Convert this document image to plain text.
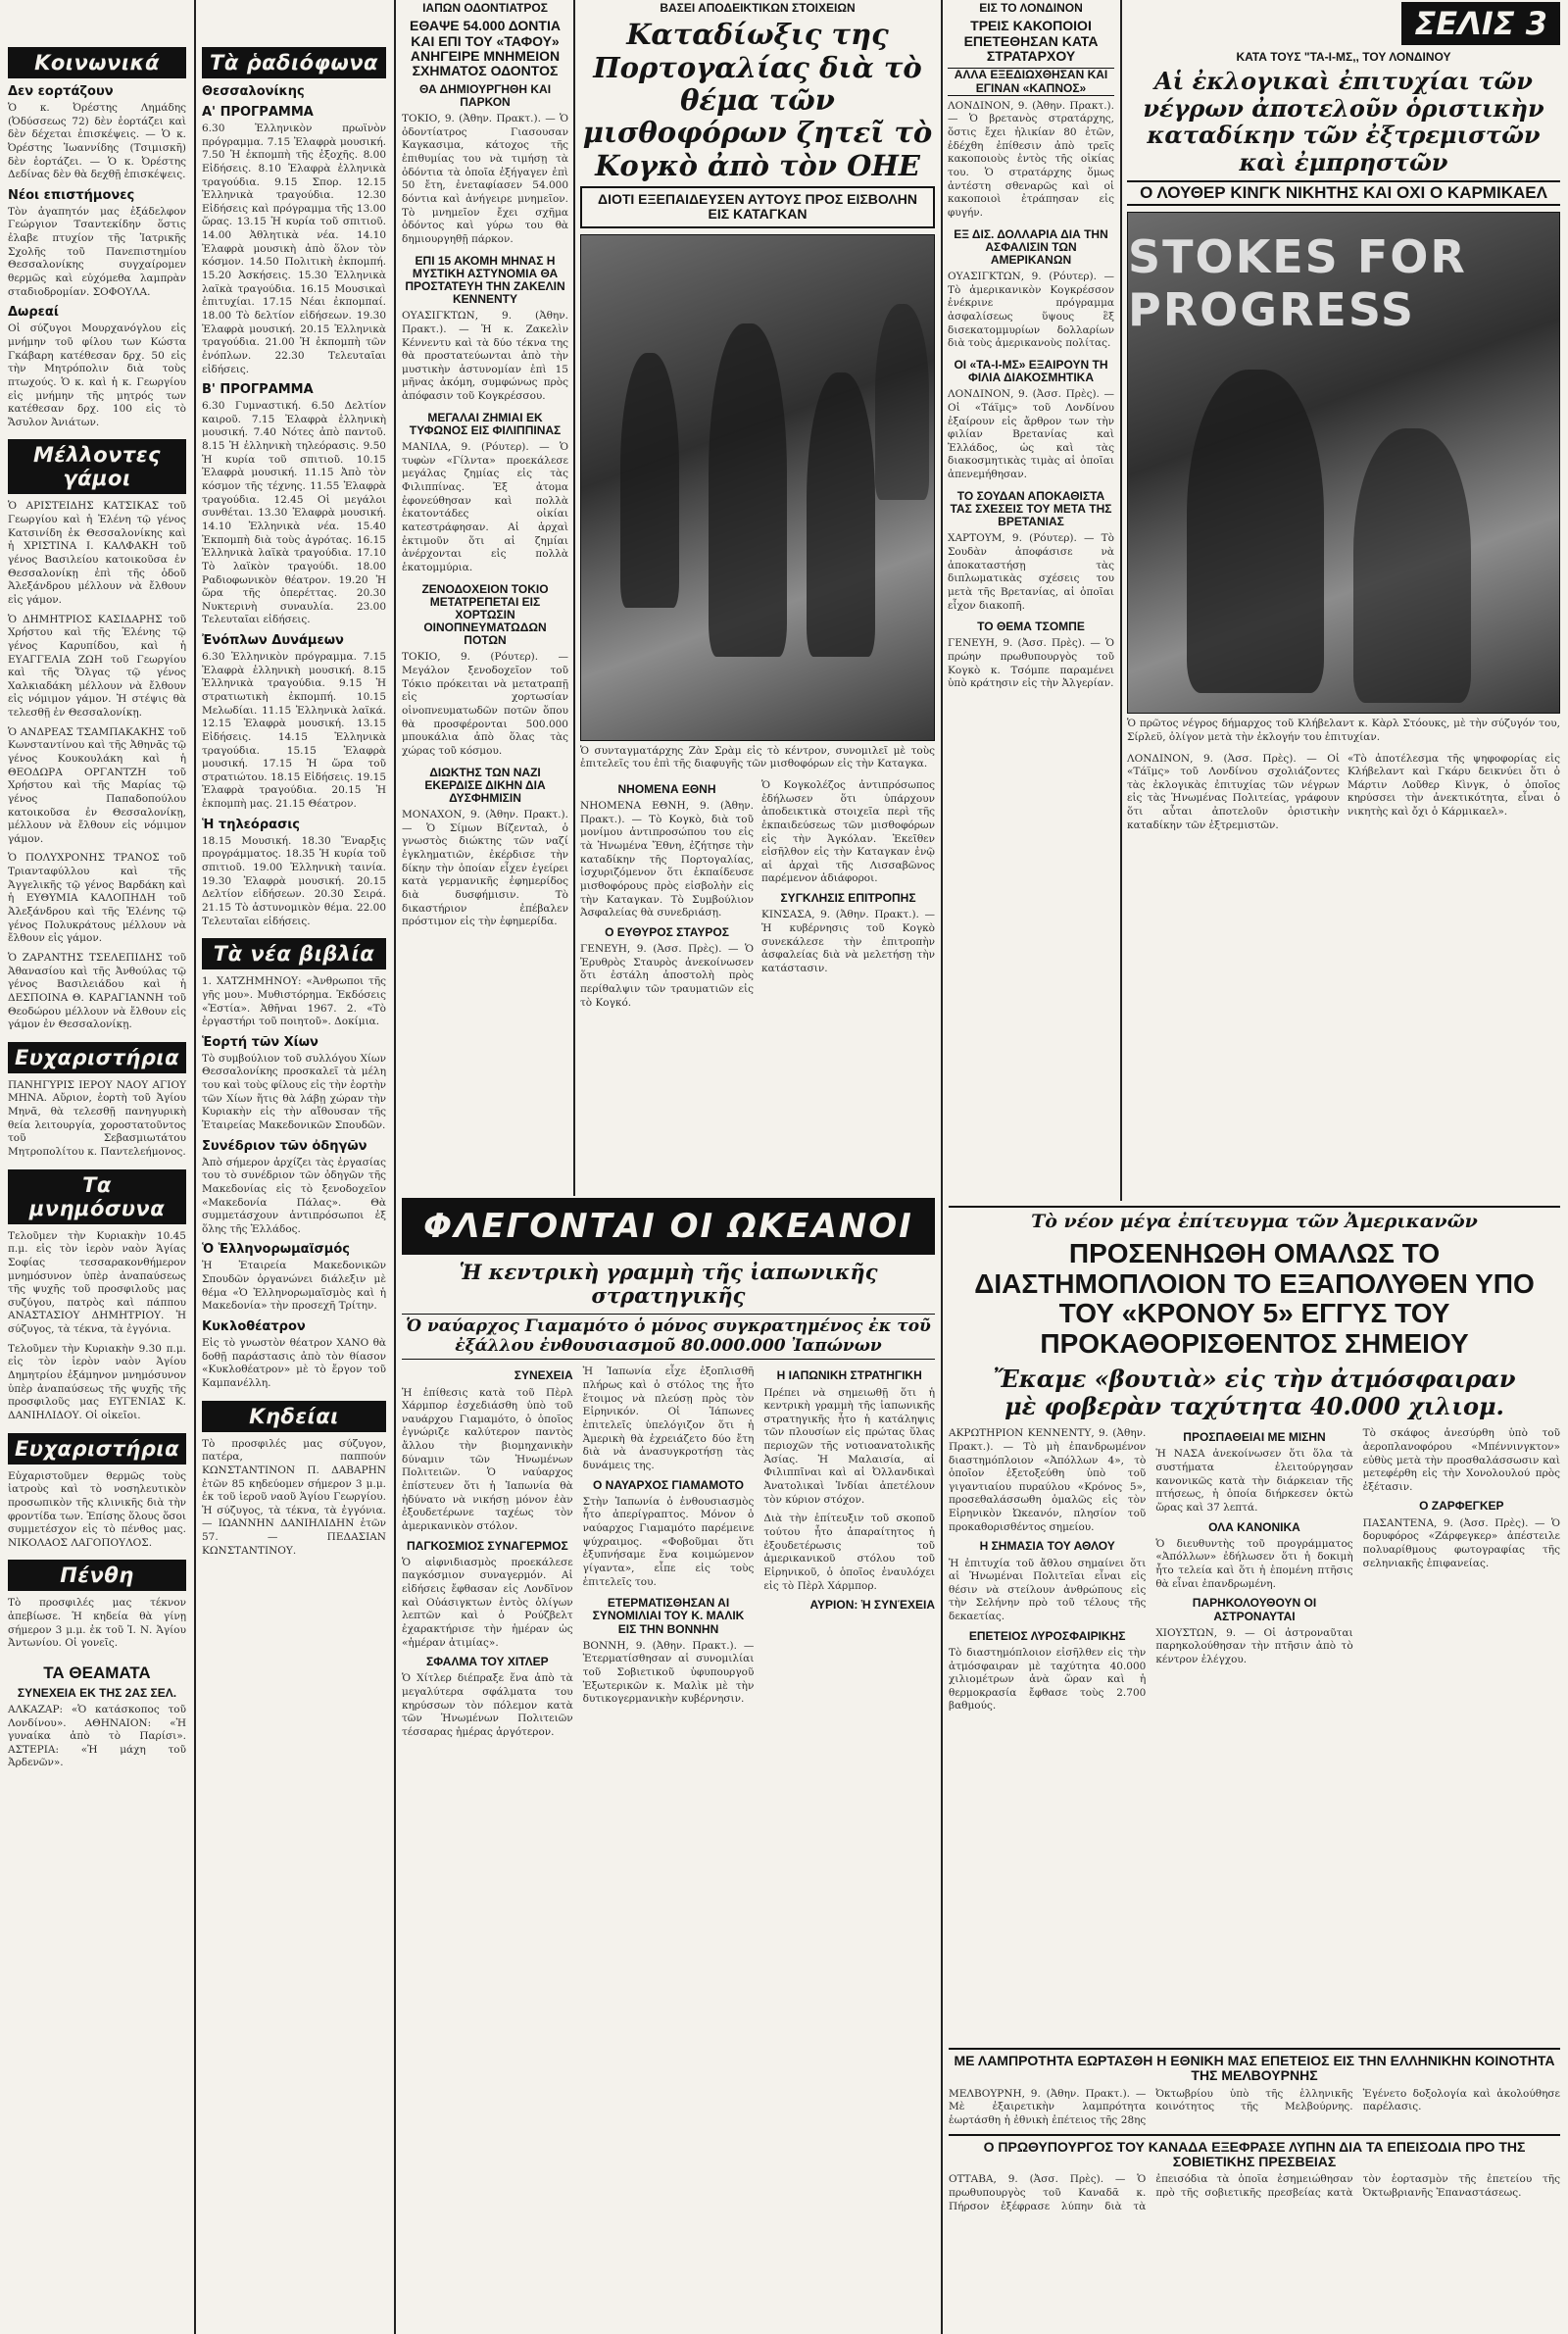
Κοινωνικά
Δεν εορτάζουν

Ὁ κ. Ὀρέστης Λημάδης (Ὀδύσσεως 72) δὲν ἑορτάζει καὶ δὲν δέχεται ἐπισκέψεις. — Ὁ κ. Ὀρέστης Ἰωαννίδης (Τσιμισκῆ) δὲν ἑορτάζει. — Ὁ κ. Ὀρέστης Δεδίνας δὲν θὰ δεχθῇ ἐπισκέψεις.

Νέοι επιστήμονες

Τὸν ἀγαπητόν μας ἐξάδελφον Γεώργιον Τσαντεκίδην ὅστις ἐλαβε πτυχίον τῆς Ἰατρικῆς Σχολῆς τοῦ Πανεπιστημίου Θεσσαλονίκης συγχαίρομεν θερμῶς καὶ εὐχόμεθα λαμπρὰν σταδιοδρομίαν. ΣΟΦΟΥΛΑ.

Δωρεαί

Οἱ σύζυγοι Μουρχανόγλου εἰς μνήμην τοῦ φίλου των Κώστα Γκάβαρη κατέθεσαν δρχ. 50 εἰς τὴν Μητρόπολιν διὰ τοὺς πτωχούς. Ὁ κ. καὶ ἡ κ. Γεωργίου εἰς μνήμην τῆς μητρός των κατέθεσαν δρχ. 100 εἰς τὸ Ἄσυλον Ἀνιάτων.

Μέλλοντες γάμοι

Ὁ ΑΡΙΣΤΕΙΔΗΣ ΚΑΤΣΙΚΑΣ τοῦ Γεωργίου καὶ ἡ Ἑλένη τῷ γένος Κατσινίδη ἐκ Θεσσαλονίκης καὶ ἡ ΧΡΙΣΤΙΝΑ Ι. ΚΑΛΦΑΚΗ τοῦ γένος Βασιλείου κατοικοῦσα ἐν Θεσσαλονίκῃ ἐπὶ τῆς ὁδοῦ Ἀλεξάνδρου μέλλουν νὰ ἔλθουν εἰς γάμον.

Ὁ ΔΗΜΗΤΡΙΟΣ ΚΑΣΙΔΑΡΗΣ τοῦ Χρήστου καὶ τῆς Ἑλένης τῷ γένος Καρυπίδου, καὶ ἡ ΕΥΑΓΓΕΛΙΑ ΖΩΗ τοῦ Γεωργίου καὶ τῆς Ὄλγας τῷ γένος Χαλκιαδάκη μέλλουν νὰ ἔλθουν εἰς νόμιμον γάμον. Ἡ στέψις θὰ τελεσθῇ ἐν Θεσσαλονίκῃ.

Ὁ ΑΝΔΡΕΑΣ ΤΣΑΜΠΑΚΑΚΗΣ τοῦ Κωνσταντίνου καὶ τῆς Ἀθηνᾶς τῷ γένος Κουκουλάκη καὶ ἡ ΘΕΟΔΩΡΑ ΟΡΓΑΝΤΖΗ τοῦ Χρήστου καὶ τῆς Μαρίας τῷ γένος Παπαδοπούλου κατοικοῦσα ἐν Θεσσαλονίκῃ, μέλλουν νὰ ἔλθουν εἰς νόμιμον γάμον.

Ὁ ΠΟΛΥΧΡΟΝΗΣ ΤΡΑΝΟΣ τοῦ Τριανταφύλλου καὶ τῆς Ἀγγελικῆς τῷ γένος Βαρδάκη καὶ ἡ ΕΥΘΥΜΙΑ ΚΑΛΟΠΗΔΗ τοῦ Ἀλεξάνδρου καὶ τῆς Ἑλένης τῷ γένος Πολυκράτους μέλλουν νὰ ἔλθουν εἰς γάμον.

Ὁ ΖΑΡΑΝΤΗΣ ΤΣΕΛΕΠΙΔΗΣ τοῦ Ἀθανασίου καὶ τῆς Ἀνθούλας τῷ γένος Βασιλειάδου καὶ ἡ ΔΕΣΠΟΙΝΑ Θ. ΚΑΡΑΓΙΑΝΝΗ τοῦ Θεοδώρου μέλλουν νὰ ἔλθουν εἰς γάμον ἐν Θεσσαλονίκῃ.

Ευχαριστήρια

ΠΑΝΗΓΥΡΙΣ ΙΕΡΟΥ ΝΑΟΥ ΑΓΙΟΥ ΜΗΝΑ. Αὔριον, ἑορτὴ τοῦ Ἁγίου Μηνᾶ, θὰ τελεσθῇ πανηγυρικὴ θεία λειτουργία, χοροστατοῦντος τοῦ Σεβασμιωτάτου Μητροπολίτου κ. Παντελεήμονος.

Τα μνημόσυνα

Τελοῦμεν τὴν Κυριακὴν 10.45 π.μ. εἰς τὸν ἱερὸν ναὸν Ἁγίας Σοφίας τεσσαρακονθήμερον μνημόσυνον ὑπὲρ ἀναπαύσεως τῆς ψυχῆς τοῦ προσφιλοῦς μας συζύγου, πατρὸς καὶ πάππου ΑΝΑΣΤΑΣΙΟΥ ΔΗΜΗΤΡΙΟΥ. Ἡ σύζυγος, τὰ τέκνα, τὰ ἐγγόνια.

Τελοῦμεν τὴν Κυριακὴν 9.30 π.μ. εἰς τὸν ἱερὸν ναὸν Ἁγίου Δημητρίου ἐξάμηνον μνημόσυνον ὑπὲρ ἀναπαύσεως τῆς ψυχῆς τῆς προσφιλοῦς μας ΕΥΓΕΝΙΑΣ Κ. ΔΑΝΙΗΛΙΔΟΥ. Οἱ οἰκεῖοι.

Ευχαριστήρια

Εὐχαριστοῦμεν θερμῶς τοὺς ἰατροὺς καὶ τὸ νοσηλευτικὸν προσωπικὸν τῆς κλινικῆς διὰ τὴν φροντίδα των. Ἐπίσης ὅλους ὅσοι συμμετέσχον εἰς τὸ πένθος μας. ΝΙΚΟΛΑΟΣ ΛΑΓΟΠΟΥΛΟΣ.

Πένθη

Τὸ προσφιλές μας τέκνον ἀπεβίωσε. Ἡ κηδεία θὰ γίνῃ σήμερον 3 μ.μ. ἐκ τοῦ Ἱ. Ν. Ἁγίου Ἀντωνίου. Οἱ γονεῖς.

ΤΑ ΘΕΑΜΑΤΑ
ΣΥΝΕΧΕΙΑ ΕΚ ΤΗΣ 2ΑΣ ΣΕΛ.

ΑΛΚΑΖΑΡ: «Ὁ κατάσκοπος τοῦ Λονδίνου». ΑΘΗΝΑΙΟΝ: «Ἡ γυναίκα ἀπὸ τὸ Παρίσι». ΑΣΤΕΡΙΑ: «Ἡ μάχη τοῦ Ἀρδενῶν».

Τὰ ῥαδιόφωνα
Θεσσαλονίκης
Α' ΠΡΟΓΡΑΜΜΑ

6.30 Ἑλληνικὸν πρωϊνὸν πρόγραμμα. 7.15 Ἐλαφρὰ μουσική. 7.50 Ἡ ἐκπομπὴ τῆς ἐξοχῆς. 8.00 Εἰδήσεις. 8.10 Ἐλαφρὰ ἑλληνικὰ τραγούδια. 9.15 Σπορ. 12.15 Ἑλληνικὰ τραγούδια. 12.30 Εἰδήσεις καὶ πρόγραμμα τῆς 13.00 ὥρας. 13.15 Ἡ κυρία τοῦ σπιτιοῦ. 14.00 Ἀθλητικὰ νέα. 14.10 Ἐλαφρὰ μουσικὴ ἀπὸ ὅλον τὸν κόσμον. 14.50 Πολιτικὴ ἐκπομπή. 15.20 Ἀσκήσεις. 15.30 Ἑλληνικὰ λαϊκὰ τραγούδια. 16.15 Μουσικαὶ ἐπιτυχίαι. 17.15 Νέαι ἐκπομπαί. 18.00 Τὸ δελτίον εἰδήσεων. 19.30 Ἐλαφρὰ μουσική. 20.15 Ἐλληνικὰ τραγούδια. 21.00 Ἡ ἐκπομπὴ τῶν ἐνόπλων. 22.30 Τελευταῖαι εἰδήσεις.

Β' ΠΡΟΓΡΑΜΜΑ

6.30 Γυμναστική. 6.50 Δελτίον καιροῦ. 7.15 Ἐλαφρὰ ἑλληνικὴ μουσική. 7.40 Νότες ἀπὸ παντοῦ. 8.15 Ἡ ἑλληνικὴ τηλεόρασις. 9.50 Ἡ κυρία τοῦ σπιτιοῦ. 10.15 Ἐλαφρὰ μουσική. 11.15 Ἀπὸ τὸν κόσμον τῆς τέχνης. 11.55 Ἐλαφρὰ τραγούδια. 12.45 Οἱ μεγάλοι συνθέται. 13.30 Ἐλαφρὰ μουσική. 14.10 Ἑλληνικὰ νέα. 15.40 Ἐκπομπὴ διὰ τοὺς ἀγρότας. 16.15 Ἑλληνικὰ λαϊκὰ τραγούδια. 17.10 Τὸ λαϊκὸν τραγούδι. 18.00 Ραδιοφωνικὸν θέατρον. 19.20 Ἡ ὥρα τῆς ὀπερέττας. 20.30 Νυκτερινὴ συναυλία. 23.00 Τελευταῖαι εἰδήσεις.

Ἐνόπλων Δυνάμεων

6.30 Ἑλληνικὸν πρόγραμμα. 7.15 Ἐλαφρὰ ἑλληνικὴ μουσική. 8.15 Ἐλληνικὰ τραγούδια. 9.15 Ἡ στρατιωτικὴ ἐκπομπή. 10.15 Μελωδίαι. 11.15 Ἑλληνικὰ λαϊκά. 12.15 Ἐλαφρὰ μουσική. 13.15 Εἰδήσεις. 14.15 Ἑλληνικὰ τραγούδια. 15.15 Ἐλαφρὰ μουσική. 17.15 Ἡ ὥρα τοῦ στρατιώτου. 18.15 Εἰδήσεις. 19.15 Ἐλαφρὰ τραγούδια. 20.15 Ἡ ἐκπομπὴ μας. 21.15 Θέατρον.

Ἡ τηλεόρασις

18.15 Μουσική. 18.30 Ἔναρξις προγράμματος. 18.35 Ἡ κυρία τοῦ σπιτιοῦ. 19.00 Ἑλληνικὴ ταινία. 19.30 Ἐλαφρὰ μουσική. 20.15 Δελτίον εἰδήσεων. 20.30 Σειρά. 21.15 Τὸ ἀστυνομικὸν θέμα. 22.00 Τελευταῖαι εἰδήσεις.

Τὰ νέα βιβλία

1. ΧΑΤΖΗΜΗΝΟΥ: «Ἀνθρωποι τῆς γῆς μου». Μυθιστόρημα. Ἐκδόσεις «Ἑστία». Ἀθῆναι 1967. 2. «Τὸ ἐργαστήρι τοῦ ποιητοῦ». Δοκίμια.

Ἑορτή τῶν Χίων

Τὸ συμβούλιον τοῦ συλλόγου Χίων Θεσσαλονίκης προσκαλεῖ τὰ μέλη του καὶ τοὺς φίλους εἰς τὴν ἑορτὴν τῶν Χίων ἥτις θὰ λάβῃ χώραν τὴν Κυριακὴν εἰς τὴν αἴθουσαν τῆς Ἑταιρείας Μακεδονικῶν Σπουδῶν.

Συνέδριον τῶν ὀδηγῶν

Ἀπὸ σήμερον ἀρχίζει τὰς ἐργασίας του τὸ συνέδριον τῶν ὁδηγῶν τῆς Μακεδονίας εἰς τὸ ξενοδοχεῖον «Μακεδονία Πάλας». Θὰ συμμετάσχουν ἀντιπρόσωποι ἐξ ὅλης τῆς Ἑλλάδος.

Ὁ Ἑλληνορωμαϊσμός

Ἡ Ἑταιρεία Μακεδονικῶν Σπουδῶν ὀργανώνει διάλεξιν μὲ θέμα «Ὁ Ἑλληνορωμαϊσμὸς καὶ ἡ Μακεδονία» τὴν προσεχῆ Τρίτην.

Κυκλοθέατρον

Εἰς τὸ γνωστὸν θέατρον ΧΑΝΟ θὰ δοθῇ παράστασις ἀπὸ τὸν θίασον «Κυκλοθέατρον» μὲ τὸ ἔργον τοῦ Καμπανέλλη.

Κηδείαι

Τὸ προσφιλές μας σύζυγον, πατέρα, παππούν ΚΩΝΣΤΑΝΤΙΝΟΝ Π. ΔΑΒΑΡΗΝ ἐτῶν 85 κηδεύομεν σήμερον 3 μ.μ. ἐκ τοῦ ἱεροῦ ναοῦ Ἁγίου Γεωργίου. Ἡ σύζυγος, τὰ τέκνα, τὰ ἐγγόνια. — ΙΩΑΝΝΗΝ ΔΑΝΙΗΛΙΔΗΝ ἐτῶν 57. — ΠΕΔΑΣΙΑΝ ΚΩΝΣΤΑΝΤΙΝΟΥ.

ΙΑΠΩΝ ΟΔΟΝΤΙΑΤΡΟΣ
ΕΘΑΨΕ 54.000 ΔΟΝΤΙΑ ΚΑΙ ΕΠΙ ΤΟΥ «ΤΑΦΟΥ» ΑΝΗΓΕΙΡΕ ΜΝΗΜΕΙΟΝ ΣΧΗΜΑΤΟΣ ΟΔΟΝΤΟΣ
ΘΑ ΔΗΜΙΟΥΡΓΗΘΗ ΚΑΙ ΠΑΡΚΟΝ

ΤΟΚΙΟ, 9. (Ἀθην. Πρακτ.). — Ὁ ὀδοντίατρος Γιασουσαν Καγκασιμα, κάτοχος τῆς ἐπιθυμίας του νὰ τιμήσῃ τὰ ὀδόντια τὰ ὁποῖα ἐξήγαγεν ἐπὶ 50 ἔτη, ἐνεταφίασεν 54.000 δόντια καὶ ἀνήγειρε μνημεῖον. Τὸ μνημεῖον ἔχει σχῆμα ὀδόντος καὶ γύρω του θὰ δημιουργηθῇ πάρκον.

ΕΠΙ 15 ΑΚΟΜΗ ΜΗΝΑΣ Η ΜΥΣΤΙΚΗ ΑΣΤΥΝΟΜΙΑ ΘΑ ΠΡΟΣΤΑΤΕΥΗ ΤΗΝ ΖΑΚΕΛΙΝ ΚΕΝΝΕΝΤΥ

ΟΥΑΣΙΓΚΤΩΝ, 9. (Ἀθην. Πρακτ.). — Ἡ κ. Ζακελὶν Κέννεντυ καὶ τὰ δύο τέκνα της θὰ προστατεύωνται ἀπὸ τὴν μυστικὴν ἀστυνομίαν ἐπὶ 15 μῆνας ἀκόμη, συμφώνως πρὸς ἀπόφασιν τοῦ Κογκρέσσου.

ΜΕΓΑΛΑΙ ΖΗΜΙΑΙ ΕΚ ΤΥΦΩΝΟΣ ΕΙΣ ΦΙΛΙΠΠΙΝΑΣ

ΜΑΝΙΛΑ, 9. (Ρόυτερ). — Ὁ τυφὼν «Γίλντα» προεκάλεσε μεγάλας ζημίας εἰς τὰς Φιλιππίνας. Ἐξ ἀτομα ἐφονεύθησαν καὶ πολλὰ ἑκατοντάδες οἰκίαι κατεστράφησαν. Αἱ ἀρχαὶ ἐκτιμοῦν ὅτι αἱ ζημίαι ἀνέρχονται εἰς πολλὰ ἑκατομμύρια.

ΖΕΝΟΔΟΧΕΙΟΝ ΤΟΚΙΟ ΜΕΤΑΤΡΕΠΕΤΑΙ ΕΙΣ ΧΟΡΤΩΣΙΝ ΟΙΝΟΠΝΕΥΜΑΤΩΔΩΝ ΠΟΤΩΝ

ΤΟΚΙΟ, 9. (Ρόυτερ). — Μεγάλον ξενοδοχεῖον τοῦ Τόκιο πρόκειται νὰ μετατραπῇ εἰς χορτωσίαν οἰνοπνευματωδῶν ποτῶν ὅπου θὰ προσφέρονται 500.000 μπουκάλια ἀπὸ ὅλας τὰς χώρας τοῦ κόσμου.

ΔΙΩΚΤΗΣ ΤΩΝ ΝΑΖΙ ΕΚΕΡΔΙΣΕ ΔΙΚΗΝ ΔΙΑ ΔΥΣΦΗΜΙΣΙΝ

ΜΟΝΑΧΟΝ, 9. (Ἀθην. Πρακτ.). — Ὁ Σίμων Βίζενταλ, ὁ γνωστὸς διώκτης τῶν ναζί ἐγκληματιῶν, ἐκέρδισε τὴν δίκην τὴν ὁποίαν εἶχεν ἐγείρει κατὰ γερμανικῆς ἐφημερίδος διὰ δυσφήμισιν. Τὸ δικαστήριον ἐπέβαλεν πρόστιμον εἰς τὴν ἐφημερίδα.

ΒΑΣΕΙ ΑΠΟΔΕΙΚΤΙΚΩΝ ΣΤΟΙΧΕΙΩΝ
Καταδίωξις της Πορτογαλίας διὰ τὸ θέμα τῶν μισθοφόρων ζητεῖ τὸ Κογκὸ ἀπὸ τὸν ΟΗΕ
ΔΙΟΤΙ ΕΞΕΠΑΙΔΕΥΣΕΝ ΑΥΤΟΥΣ ΠΡΟΣ ΕΙΣΒΟΛΗΝ ΕΙΣ ΚΑΤΑΓΚΑΝ

Ὁ συνταγματάρχης Ζὰν Σρὰμ εἰς τὸ κέντρον, συνομιλεῖ μὲ τοὺς ἐπιτελεῖς του ἐπὶ τῆς διαφυγῆς τῶν μισθοφόρων εἰς τὴν Καταγκα.

ΝΗΟΜΕΝΑ ΕΘΝΗ

ΝΗΟΜΕΝΑ ΕΘΝΗ, 9. (Ἀθην. Πρακτ.). — Τὸ Κογκὸ, διὰ τοῦ μονίμου ἀντιπροσώπου του εἰς τὰ Ἡνωμένα Ἔθνη, ἐζήτησε τὴν καταδίκην τῆς Πορτογαλίας, ἰσχυριζόμενον ὅτι ἐκπαίδευσε μισθοφόρους πρὸς εἰσβολὴν εἰς τὴν Καταγκαν. Τὸ Συμβούλιον Ἀσφαλείας θὰ συνεδριάσῃ.

Ο ΕΥΘΥΡΟΣ ΣΤΑΥΡΟΣ

ΓΕΝΕΥΗ, 9. (Ἀσσ. Πρὲς). — Ὁ Ἐρυθρὸς Σταυρὸς ἀνεκοίνωσεν ὅτι ἐστάλη ἀποστολὴ πρὸς περίθαλψιν τῶν τραυματιῶν εἰς τὸ Κογκό.

Ὁ Κογκολέζος ἀντιπρόσωπος ἐδήλωσεν ὅτι ὑπάρχουν ἀποδεικτικὰ στοιχεῖα περὶ τῆς ἐκπαιδεύσεως τῶν μισθοφόρων εἰς τὴν Ἀγκόλαν. Ἐκεῖθεν εἰσῆλθον εἰς τὴν Καταγκαν ἐνῷ αἱ ἀρχαὶ τῆς Λισσαβῶνος παρέμενον ἀδιάφοροι.

ΣΥΓΚΛΗΣΙΣ ΕΠΙΤΡΟΠΗΣ

ΚΙΝΣΑΣΑ, 9. (Ἀθην. Πρακτ.). — Ἡ κυβέρνησις τοῦ Κογκὸ συνεκάλεσε τὴν ἐπιτροπὴν ἀσφαλείας διὰ νὰ μελετήσῃ τὴν κατάστασιν.

ΕΙΣ ΤΟ ΛΟΝΔΙΝΟΝ
ΤΡΕΙΣ ΚΑΚΟΠΟΙΟΙ ΕΠΕΤΕΘΗΣΑΝ ΚΑΤΑ ΣΤΡΑΤΑΡΧΟΥ
ΑΛΛΑ ΕΞΕΔΙΩΧΘΗΣΑΝ ΚΑΙ ΕΓΙΝΑΝ «ΚΑΠΝΟΣ»

ΛΟΝΔΙΝΟΝ, 9. (Ἀθην. Πρακτ.). — Ὁ βρετανὸς στρατάρχης, ὅστις ἔχει ἡλικίαν 80 ἐτῶν, ἐδέχθη ἐπίθεσιν ἀπὸ τρεῖς κακοποιοὺς ἐντὸς τῆς οἰκίας του. Ὁ στρατάρχης ὅμως ἀντέστη σθεναρῶς καὶ οἱ κακοποιοὶ ἐτράπησαν εἰς φυγήν.

ΕΞ ΔΙΣ. ΔΟΛΛΑΡΙΑ ΔΙΑ ΤΗΝ ΑΣΦΑΛΙΣΙΝ ΤΩΝ ΑΜΕΡΙΚΑΝΩΝ

ΟΥΑΣΙΓΚΤΩΝ, 9. (Ρόυτερ). — Τὸ ἀμερικανικὸν Κογκρέσσον ἐνέκρινε πρόγραμμα ἀσφαλίσεως ὕψους ἓξ δισεκατομμυρίων δολλαρίων διὰ τοὺς ἀμερικανοὺς πολίτας.

ΟΙ «ΤΑ-Ι-ΜΣ» ΕΞΑΙΡΟΥΝ ΤΗ ΦΙΛΙΑ ΔΙΑΚΟΣΜΗΤΙΚΑ

ΛΟΝΔΙΝΟΝ, 9. (Ἀσσ. Πρὲς). — Οἱ «Τάϊμς» τοῦ Λονδίνου ἐξαίρουν εἰς ἄρθρον των τὴν φιλίαν Βρετανίας καὶ Ἑλλάδος, ὡς καὶ τὰς διακοσμητικὰς τιμὰς αἱ ὁποῖαι ἀπενεμήθησαν.

ΤΟ ΣΟΥΔΑΝ ΑΠΟΚΑΘΙΣΤΑ ΤΑΣ ΣΧΕΣΕΙΣ ΤΟΥ ΜΕΤΑ ΤΗΣ ΒΡΕΤΑΝΙΑΣ

ΧΑΡΤΟΥΜ, 9. (Ρόυτερ). — Τὸ Σουδὰν ἀποφάσισε νὰ ἀποκαταστήσῃ τὰς διπλωματικὰς σχέσεις του μετὰ τῆς Βρετανίας, αἱ ὁποῖαι εἶχον διακοπῆ.

ΤΟ ΘΕΜΑ ΤΣΟΜΠΕ

ΓΕΝΕΥΗ, 9. (Ἀσσ. Πρὲς). — Ὁ πρώην πρωθυπουργὸς τοῦ Κογκὸ κ. Τσόμπε παραμένει ὑπὸ κράτησιν εἰς τὴν Ἀλγερίαν.

ΣΕΛΙΣ 3
ΚΑΤΑ ΤΟΥΣ "ΤΑ-Ι-ΜΣ,, ΤΟΥ ΛΟΝΔΙΝΟΥ
Αἱ ἐκλογικαὶ ἐπιτυχίαι τῶν νέγρων ἀποτελοῦν ὁριστικὴν καταδίκην τῶν ἐξτρεμιστῶν καὶ ἐμπρηστῶν
Ο ΛΟΥΘΕΡ ΚΙΝΓΚ ΝΙΚΗΤΗΣ ΚΑΙ ΟΧΙ Ο ΚΑΡΜΙΚΑΕΛ
STOKES FOR PROGRESS

Ὁ πρῶτος νέγρος δήμαρχος τοῦ Κλήβελαντ κ. Κὰρλ Στόουκς, μὲ τὴν σύζυγόν του, Σίρλεϋ, ὀλίγον μετὰ τὴν ἐκλογήν του ἐπιτυχίαν.

ΛΟΝΔΙΝΟΝ, 9. (Ἀσσ. Πρὲς). — Οἱ «Τάϊμς» τοῦ Λονδίνου σχολιάζοντες τὰς ἐκλογικὰς ἐπιτυχίας τῶν νέγρων εἰς τὰς Ἡνωμένας Πολιτείας, γράφουν ὅτι αὗται ἀποτελοῦν ὁριστικὴν καταδίκην τῶν ἐξτρεμιστῶν.

«Τὸ ἀποτέλεσμα τῆς ψηφοφορίας εἰς Κλήβελαντ καὶ Γκάρυ δεικνύει ὅτι ὁ Μάρτιν Λοῦθερ Κὶνγκ, ὁ ὁποῖος κηρύσσει τὴν ἀνεκτικότητα, εἶναι ὁ νικητὴς καὶ ὄχι ὁ Κάρμικαελ».

Τὸ νέον μέγα ἐπίτευγμα τῶν Ἀμερικανῶν
ΠΡΟΣΕΝΗΩΘΗ ΟΜΑΛΩΣ ΤΟ ΔΙΑΣΤΗΜΟΠΛΟΙΟΝ ΤΟ ΕΞΑΠΟΛΥΘΕΝ ΥΠΟ ΤΟΥ «ΚΡΟΝΟΥ 5» ΕΓΓΥΣ ΤΟΥ ΠΡΟΚΑΘΟΡΙΣΘΕΝΤΟΣ ΣΗΜΕΙΟΥ
Ἔκαμε «βουτιὰ» εἰς τὴν ἀτμόσφαιραν
μὲ φοβερὰν ταχύτητα 40.000 χιλιομ.

ΑΚΡΩΤΗΡΙΟΝ ΚΕΝΝΕΝΤΥ, 9. (Ἀθην. Πρακτ.). — Τὸ μὴ ἐπανδρωμένον διαστημόπλοιον «Ἀπόλλων 4», τὸ ὁποῖον ἐξετοξεύθη ὑπὸ τοῦ γιγαντιαίου πυραύλου «Κρόνος 5», προσεθαλάσσωθη ὁμαλῶς εἰς τὸν Εἰρηνικὸν Ὠκεανόν, πλησίον τοῦ προκαθορισθέντος σημείου.

Η ΣΗΜΑΣΙΑ ΤΟΥ ΑΘΛΟΥ

Ἡ ἐπιτυχία τοῦ ἄθλου σημαίνει ὅτι αἱ Ἡνωμέναι Πολιτεῖαι εἶναι εἰς θέσιν νὰ στείλουν ἀνθρώπους εἰς τὴν Σελήνην πρὸ τοῦ τέλους τῆς δεκαετίας.

ΕΠΕΤΕΙΟΣ ΛΥΡΟΣΦΑΙΡΙΚΗΣ

Τὸ διαστημόπλοιον εἰσῆλθεν εἰς τὴν ἀτμόσφαιραν μὲ ταχύτητα 40.000 χιλιομέτρων ἀνὰ ὥραν καὶ ἡ θερμοκρασία ἔφθασε τοὺς 2.700 βαθμούς.

ΠΡΟΣΠΑΘΕΙΑΙ ΜΕ ΜΙΣΗΝ

Ἡ ΝΑΣΑ ἀνεκοίνωσεν ὅτι ὅλα τὰ συστήματα ἐλειτούργησαν κανονικῶς κατὰ τὴν διάρκειαν τῆς πτήσεως, ἡ ὁποία διήρκεσεν ὀκτὼ ὥρας καὶ 37 λεπτά.

ΟΛΑ ΚΑΝΟΝΙΚΑ

Ὁ διευθυντὴς τοῦ προγράμματος «Ἀπόλλων» ἐδήλωσεν ὅτι ἡ δοκιμὴ ἦτο τελεία καὶ ὅτι ἡ ἑπομένη πτῆσις θὰ εἶναι ἐπανδρωμένη.

ΠΑΡΗΚΟΛΟΥΘΟΥΝ ΟΙ ΑΣΤΡΟΝΑΥΤΑΙ

ΧΙΟΥΣΤΩΝ, 9. — Οἱ ἀστροναῦται παρηκολούθησαν τὴν πτῆσιν ἀπὸ τὸ κέντρον ἐλέγχου.

Τὸ σκάφος ἀνεσύρθη ὑπὸ τοῦ ἀεροπλανοφόρου «Μπέννινγκτον» εὐθὺς μετὰ τὴν προσθαλάσσωσιν καὶ μετεφέρθη εἰς τὴν Χονολουλού πρὸς ἐξέτασιν.

Ο ΖΑΡΦΕΓΚΕΡ

ΠΑΣΑΝΤΕΝΑ, 9. (Ἀσσ. Πρὲς). — Ὁ δορυφόρος «Ζάρφεγκερ» ἀπέστειλε πολυαρίθμους φωτογραφίας τῆς σεληνιακῆς ἐπιφανείας.

ΦΛΕΓΟΝΤΑΙ ΟΙ ΩΚΕΑΝΟΙ
Ἡ κεντρικὴ γραμμὴ τῆς ἰαπωνικῆς στρατηγικῆς
Ὁ ναύαρχος Γιαμαμότο ὁ μόνος συγκρατημένος ἐκ τοῦ ἐξάλλου ἐνθουσιασμοῦ 80.000.000 Ἰαπώνων
ΣΥΝΕΧΕΙΑ

Ἡ ἐπίθεσις κατὰ τοῦ Πὲρλ Χάρμπορ ἐσχεδιάσθη ὑπὸ τοῦ ναυάρχου Γιαμαμότο, ὁ ὁποῖος ἐγνώριζε καλύτερον παντὸς ἄλλου τὴν βιομηχανικὴν δύναμιν τῶν Ἡνωμένων Πολιτειῶν. Ὁ ναύαρχος ἐπίστευεν ὅτι ἡ Ἰαπωνία θὰ ἠδύνατο νὰ νικήσῃ μόνον ἐὰν ἐξουδετέρωνε ταχέως τὸν ἀμερικανικὸν στόλον.

ΠΑΓΚΟΣΜΙΟΣ ΣΥΝΑΓΕΡΜΟΣ

Ὁ αἰφνιδιασμὸς προεκάλεσε παγκόσμιον συναγερμόν. Αἱ εἰδήσεις ἔφθασαν εἰς Λονδῖνον καὶ Οὐάσιγκτων ἐντὸς ὀλίγων λεπτῶν καὶ ὁ Ρούζβελτ ἐχαρακτήρισε τὴν ἡμέραν ὡς «ἡμέραν ἀτιμίας».

ΣΦΑΛΜΑ ΤΟΥ ΧΙΤΛΕΡ

Ὁ Χίτλερ διέπραξε ἕνα ἀπὸ τὰ μεγαλύτερα σφάλματα του κηρύσσων τὸν πόλεμον κατὰ τῶν Ἡνωμένων Πολιτειῶν τέσσαρας ἡμέρας ἀργότερον.

Ἡ Ἰαπωνία εἶχε ἐξοπλισθῆ πλήρως καὶ ὁ στόλος της ἦτο ἕτοιμος νὰ πλεύσῃ πρὸς τὸν Εἰρηνικόν. Οἱ Ἰάπωνες ἐπιτελεῖς ὑπελόγιζον ὅτι ἡ Ἀμερικὴ θὰ ἐχρειάζετο δύο ἔτη διὰ νὰ ἀνασυγκροτήσῃ τὰς δυνάμεις της.

Ο ΝΑΥΑΡΧΟΣ ΓΙΑΜΑΜΟΤΟ

Στὴν Ἰαπωνία ὁ ἐνθουσιασμὸς ἦτο ἀπερίγραπτος. Μόνον ὁ ναύαρχος Γιαμαμότο παρέμεινε ψύχραιμος. «Φοβοῦμαι ὅτι ἐξυπνήσαμε ἕνα κοιμώμενον γίγαντα», εἶπε εἰς τοὺς ἐπιτελεῖς του.

ΕΤΕΡΜΑΤΙΣΘΗΣΑΝ ΑΙ ΣΥΝΟΜΙΛΙΑΙ ΤΟΥ Κ. ΜΑΛΙΚ ΕΙΣ ΤΗΝ ΒΟΝΝΗΝ

ΒΟΝΝΗ, 9. (Ἀθην. Πρακτ.). — Ἐτερματίσθησαν αἱ συνομιλίαι τοῦ Σοβιετικοῦ ὑφυπουργοῦ Ἐξωτερικῶν κ. Μαλὶκ μὲ τὴν δυτικογερμανικὴν κυβέρνησιν.

Η ΙΑΠΩΝΙΚΗ ΣΤΡΑΤΗΓΙΚΗ

Πρέπει νὰ σημειωθῇ ὅτι ἡ κεντρικὴ γραμμὴ τῆς ἰαπωνικῆς στρατηγικῆς ἦτο ἡ κατάληψις τῶν πλουσίων εἰς πρώτας ὕλας περιοχῶν τῆς νοτιοανατολικῆς Ἀσίας. Ἡ Μαλαισία, αἱ Φιλιππῖναι καὶ αἱ Ὀλλανδικαὶ Ἀνατολικαὶ Ἰνδίαι ἀπετέλουν τὸν κύριον στόχον.

Διὰ τὴν ἐπίτευξιν τοῦ σκοποῦ τούτου ἦτο ἀπαραίτητος ἡ ἐξουδετέρωσις τοῦ ἀμερικανικοῦ στόλου τοῦ Εἰρηνικοῦ, ὁ ὁποῖος ἐναυλόχει εἰς τὸ Πὲρλ Χάρμπορ.

ΑΥΡΙΟΝ: Ἡ ΣΥΝΈΧΕΙΑ
ΜΕ ΛΑΜΠΡΟΤΗΤΑ ΕΩΡΤΑΣΘΗ Η ΕΘΝΙΚΗ ΜΑΣ ΕΠΕΤΕΙΟΣ ΕΙΣ ΤΗΝ ΕΛΛΗΝΙΚΗΝ ΚΟΙΝΟΤΗΤΑ ΤΗΣ ΜΕΛΒΟΥΡΝΗΣ

ΜΕΛΒΟΥΡΝΗ, 9. (Ἀθην. Πρακτ.). — Μὲ ἐξαιρετικὴν λαμπρότητα ἑωρτάσθη ἡ ἐθνικὴ ἐπέτειος τῆς 28ης Ὀκτωβρίου ὑπὸ τῆς ἑλληνικῆς κοινότητος τῆς Μελβούρνης. Ἐγένετο δοξολογία καὶ ἀκολούθησε παρέλασις.

Ο ΠΡΩΘΥΠΟΥΡΓΟΣ ΤΟΥ ΚΑΝΑΔΑ ΕΞΕΦΡΑΣΕ ΛΥΠΗΝ ΔΙΑ ΤΑ ΕΠΕΙΣΟΔΙΑ ΠΡΟ ΤΗΣ ΣΟΒΙΕΤΙΚΗΣ ΠΡΕΣΒΕΙΑΣ

ΟΤΤΑΒΑ, 9. (Ἀσσ. Πρὲς). — Ὁ πρωθυπουργὸς τοῦ Καναδᾶ κ. Πήρσον ἐξέφρασε λύπην διὰ τὰ ἐπεισόδια τὰ ὁποῖα ἐσημειώθησαν πρὸ τῆς σοβιετικῆς πρεσβείας κατὰ τὸν ἑορτασμὸν τῆς ἐπετείου τῆς Ὀκτωβριανῆς Ἐπαναστάσεως.
